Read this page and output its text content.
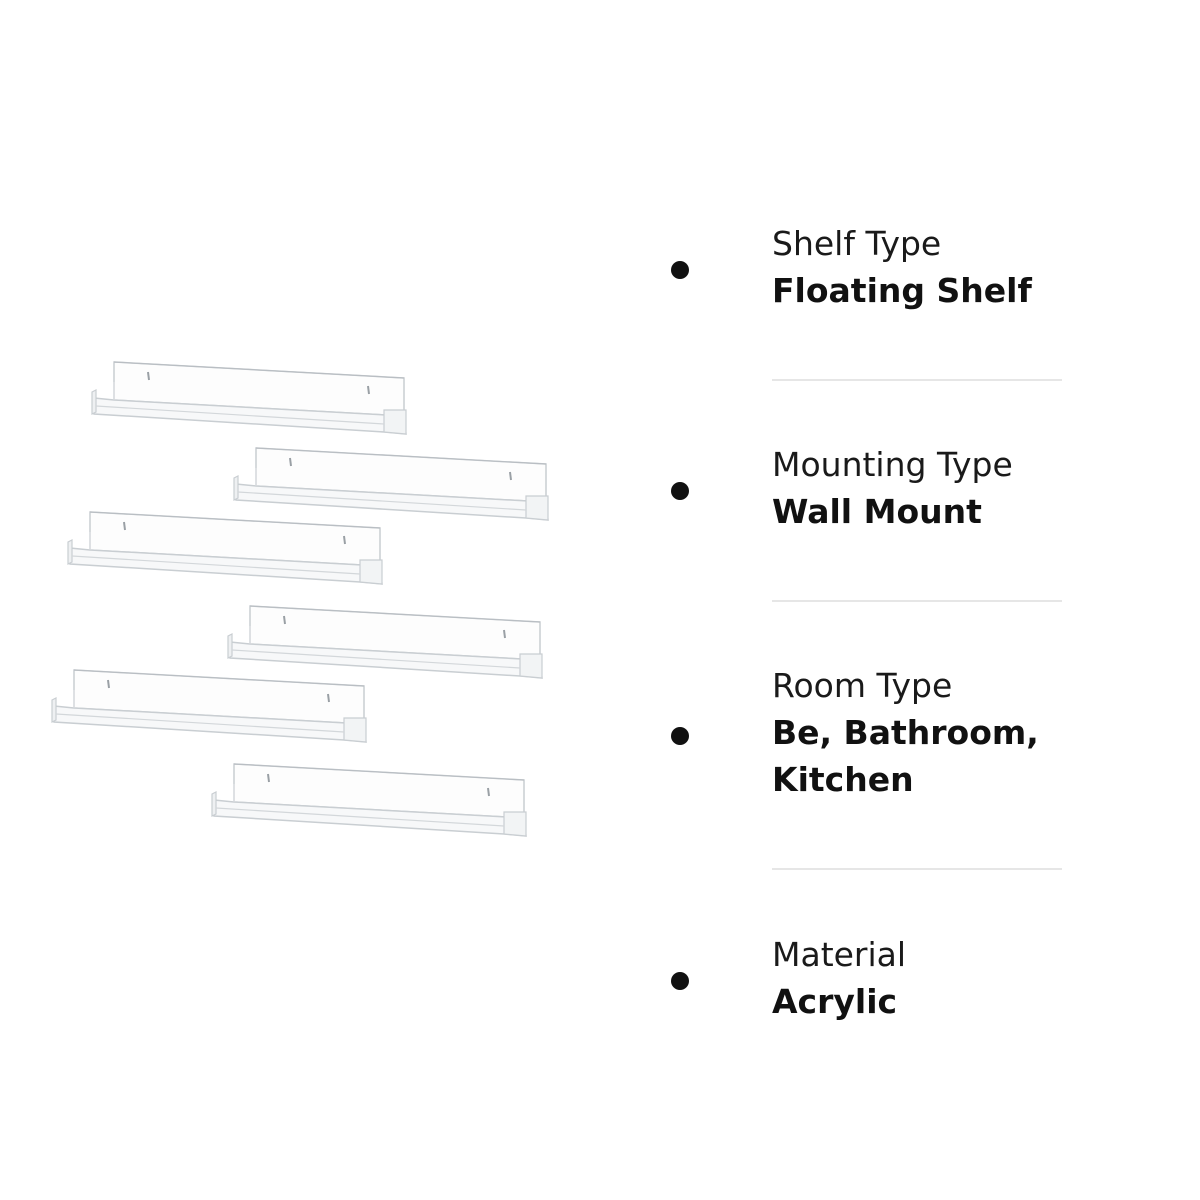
Shelf Type
Floating Shelf
Mounting Type
Wall Mount
Room Type
Be, Bathroom, Kitchen
Material
Acrylic
